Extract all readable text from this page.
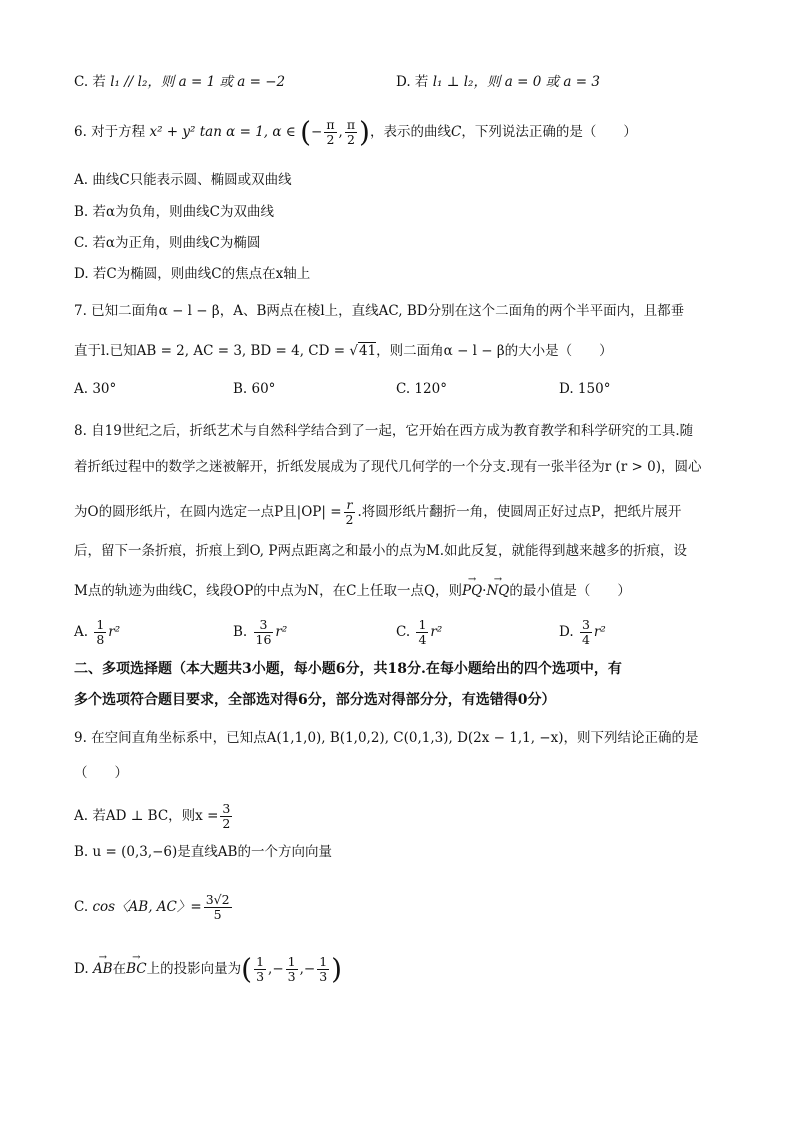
C. 若 l₁ // l₂，则 a = 1 或 a = −2	D. 若 l₁ ⊥ l₂，则 a = 0 或 a = 3
6. 对于方程 x² + y² tan α = 1, α ∈ (− $\frac{\pi}{2}$ , $\frac{\pi}{2}$ )，表示的曲线C，下列说法正确的是（　　）
A. 曲线C只能表示圆、椭圆或双曲线
B. 若α为负角，则曲线C为双曲线
C. 若α为正角，则曲线C为椭圆
D. 若C为椭圆，则曲线C的焦点在x轴上
7. 已知二面角α − l − β，A、B两点在棱l上，直线AC, BD分别在这个二面角的两个半平面内，且都垂
直于l.已知AB = 2, AC = 3, BD = 4, CD = √41，则二面角α − l − β的大小是（　　）
A. 30°	B. 60°	C. 120°	D. 150°
8. 自19世纪之后，折纸艺术与自然科学结合到了一起，它开始在西方成为教育教学和科学研究的工具.随
着折纸过程中的数学之迷被解开，折纸发展成为了现代几何学的一个分支.现有一张半径为r (r > 0)，圆心
为O的圆形纸片，在圆内选定一点P且$|OP| = \frac{r}{2}$ .将圆形纸片翻折一角，使圆周正好过点P，把纸片展开
后，留下一条折痕，折痕上到O, P两点距离之和最小的点为M.如此反复，就能得到越来越多的折痕，设
M点的轨迹为曲线C，线段OP的中点为N，在C上任取一点Q，则→ PQ·→ NQ的最小值是（　　）
A. $\frac{1}{8} r^2$	B. $\frac{3}{16} r^2$	C. $\frac{1}{4} r^2$	D. $\frac{3}{4} r^2$
二、多项选择题（本大题共3小题，每小题6分，共18分.在每小题给出的四个选项中，有
多个选项符合题目要求，全部选对得6分，部分选对得部分分，有选错得0分）
9. 在空间直角坐标系中，已知点A(1,1,0), B(1,0,2), C(0,1,3), D(2x − 1,1, −x)，则下列结论正确的是
（　　）
A. 若AD ⊥ BC，则$x = \frac{3}{2}$
B. u = (0,3,−6)是直线AB的一个方向向量
C. cos〈AB, AC〉= $\frac{3√2}{5}$
D. → AB在→ BC上的投影向量为( $\frac{1}{3}$ ,− $\frac{1}{3}$ ,− $\frac{1}{3}$ )
